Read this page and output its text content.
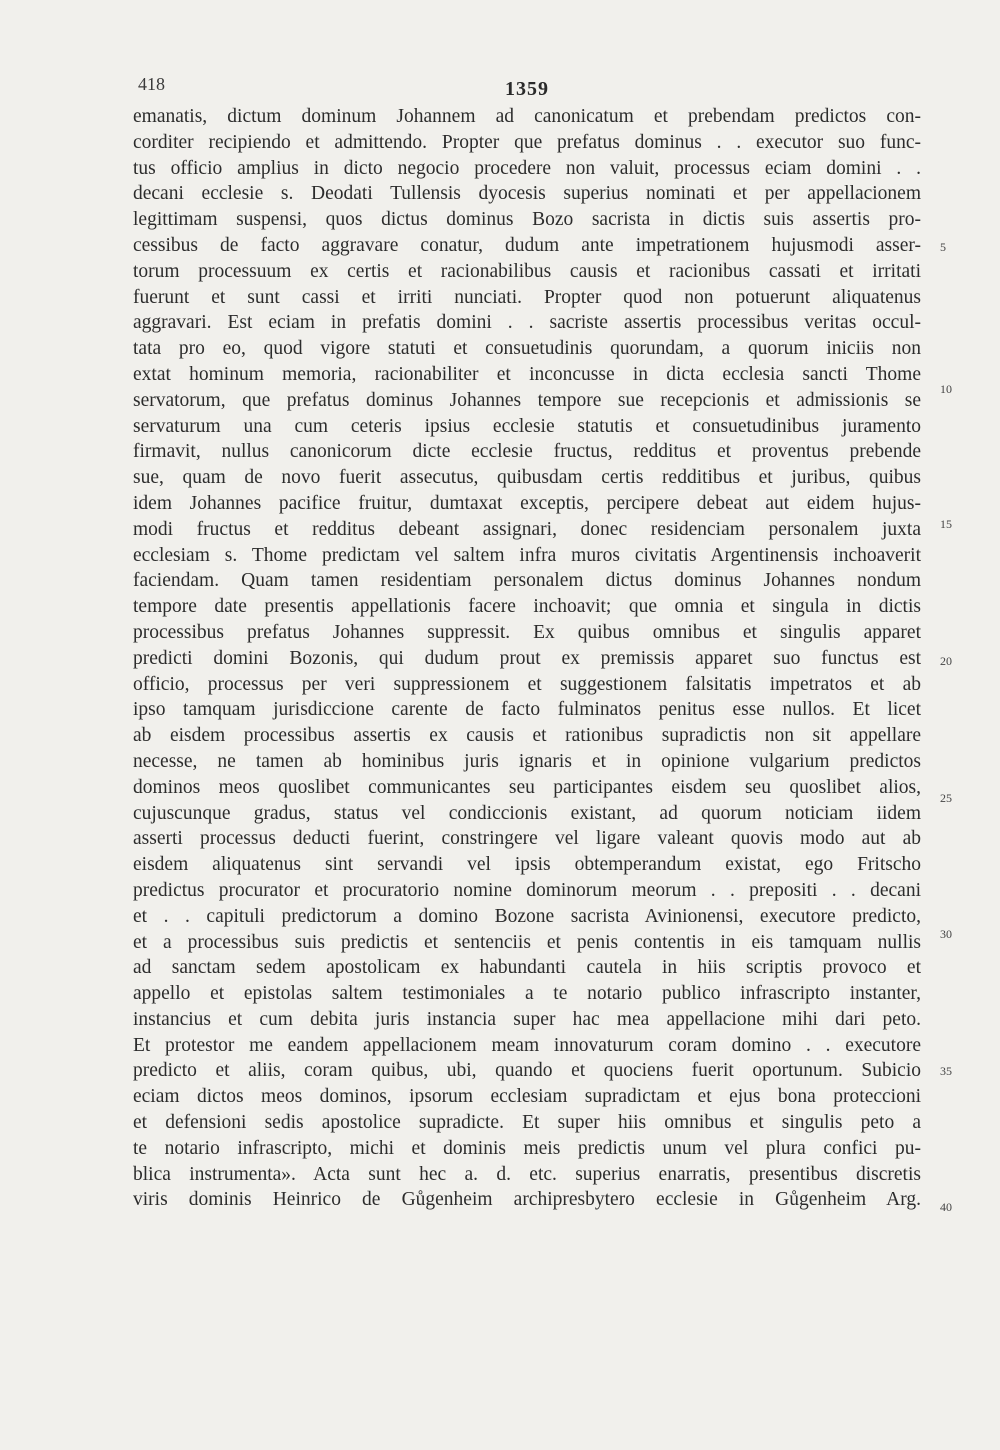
418	1359
emanatis, dictum dominum Johannem ad canonicatum et prebendam predictos con-
corditer recipiendo et admittendo. Propter que prefatus dominus . . executor suo func-
tus officio amplius in dicto negocio procedere non valuit, processus eciam domini . .
decani ecclesie s. Deodati Tullensis dyocesis superius nominati et per appellacionem
legittimam suspensi, quos dictus dominus Bozo sacrista in dictis suis assertis pro-
cessibus de facto aggravare conatur, dudum ante impetrationem hujusmodi asser-
torum processuum ex certis et racionabilibus causis et racionibus cassati et irritati
fuerunt et sunt cassi et irriti nunciati. Propter quod non potuerunt aliquatenus
aggravari. Est eciam in prefatis domini . . sacriste assertis processibus veritas occul-
tata pro eo, quod vigore statuti et consuetudinis quorundam, a quorum iniciis non
extat hominum memoria, racionabiliter et inconcusse in dicta ecclesia sancti Thome
servatorum, que prefatus dominus Johannes tempore sue recepcionis et admissionis se
servaturum una cum ceteris ipsius ecclesie statutis et consuetudinibus juramento
firmavit, nullus canonicorum dicte ecclesie fructus, redditus et proventus prebende
sue, quam de novo fuerit assecutus, quibusdam certis redditibus et juribus, quibus
idem Johannes pacifice fruitur, dumtaxat exceptis, percipere debeat aut eidem hujus-
modi fructus et redditus debeant assignari, donec residenciam personalem juxta
ecclesiam s. Thome predictam vel saltem infra muros civitatis Argentinensis inchoaverit
faciendam. Quam tamen residentiam personalem dictus dominus Johannes nondum
tempore date presentis appellationis facere inchoavit; que omnia et singula in dictis
processibus prefatus Johannes suppressit. Ex quibus omnibus et singulis apparet
predicti domini Bozonis, qui dudum prout ex premissis apparet suo functus est
officio, processus per veri suppressionem et suggestionem falsitatis impetratos et ab
ipso tamquam jurisdiccione carente de facto fulminatos penitus esse nullos. Et licet
ab eisdem processibus assertis ex causis et rationibus supradictis non sit appellare
necesse, ne tamen ab hominibus juris ignaris et in opinione vulgarium predictos
dominos meos quoslibet communicantes seu participantes eisdem seu quoslibet alios,
cujuscunque gradus, status vel condiccionis existant, ad quorum noticiam iidem
asserti processus deducti fuerint, constringere vel ligare valeant quovis modo aut ab
eisdem aliquatenus sint servandi vel ipsis obtemperandum existat, ego Fritscho
predictus procurator et procuratorio nomine dominorum meorum . . prepositi . . decani
et . . capituli predictorum a domino Bozone sacrista Avinionensi, executore predicto,
et a processibus suis predictis et sentenciis et penis contentis in eis tamquam nullis
ad sanctam sedem apostolicam ex habundanti cautela in hiis scriptis provoco et
appello et epistolas saltem testimoniales a te notario publico infrascripto instanter,
instancius et cum debita juris instancia super hac mea appellacione mihi dari peto.
Et protestor me eandem appellacionem meam innovaturum coram domino . . executore
predicto et aliis, coram quibus, ubi, quando et quociens fuerit oportunum. Subicio
eciam dictos meos dominos, ipsorum ecclesiam supradictam et ejus bona proteccioni
et defensioni sedis apostolice supradicte. Et super hiis omnibus et singulis peto a
te notario infrascripto, michi et dominis meis predictis unum vel plura confici pu-
blica instrumenta». Acta sunt hec a. d. etc. superius enarratis, presentibus discretis
viris dominis Heinrico de Gůgenheim archipresbytero ecclesie in Gůgenheim Arg.
5
10
15
20
25
30
35
40
